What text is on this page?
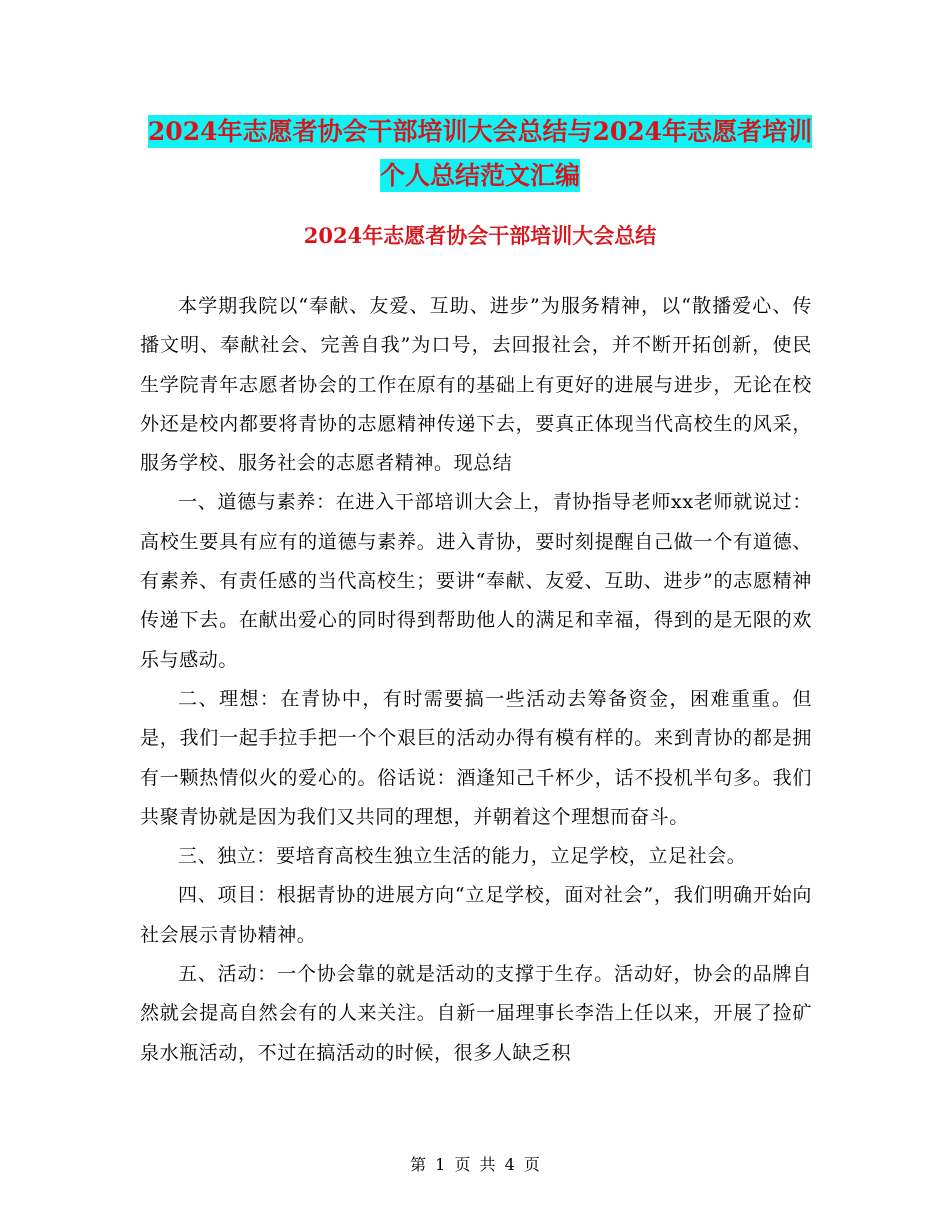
2024年志愿者协会干部培训大会总结与2024年志愿者培训个人总结范文汇编
2024年志愿者协会干部培训大会总结

本学期我院以“奉献、友爱、互助、进步”为服务精神，以“散播爱心、传播文明、奉献社会、完善自我”为口号，去回报社会，并不断开拓创新，使民生学院青年志愿者协会的工作在原有的基础上有更好的进展与进步，无论在校外还是校内都要将青协的志愿精神传递下去，要真正体现当代高校生的风采，服务学校、服务社会的志愿者精神。现总结

一、道德与素养：在进入干部培训大会上，青协指导老师xx老师就说过：高校生要具有应有的道德与素养。进入青协，要时刻提醒自己做一个有道德、有素养、有责任感的当代高校生；要讲“奉献、友爱、互助、进步”的志愿精神传递下去。在献出爱心的同时得到帮助他人的满足和幸福，得到的是无限的欢乐与感动。

二、理想：在青协中，有时需要搞一些活动去筹备资金，困难重重。但是，我们一起手拉手把一个个艰巨的活动办得有模有样的。来到青协的都是拥有一颗热情似火的爱心的。俗话说：酒逢知己千杯少，话不投机半句多。我们共聚青协就是因为我们又共同的理想，并朝着这个理想而奋斗。

三、独立：要培育高校生独立生活的能力，立足学校，立足社会。

四、项目：根据青协的进展方向“立足学校，面对社会”，我们明确开始向社会展示青协精神。

五、活动：一个协会靠的就是活动的支撑于生存。活动好，协会的品牌自然就会提高自然会有的人来关注。自新一届理事长李浩上任以来，开展了捡矿泉水瓶活动，不过在搞活动的时候，很多人缺乏积

第 1 页 共 4 页
